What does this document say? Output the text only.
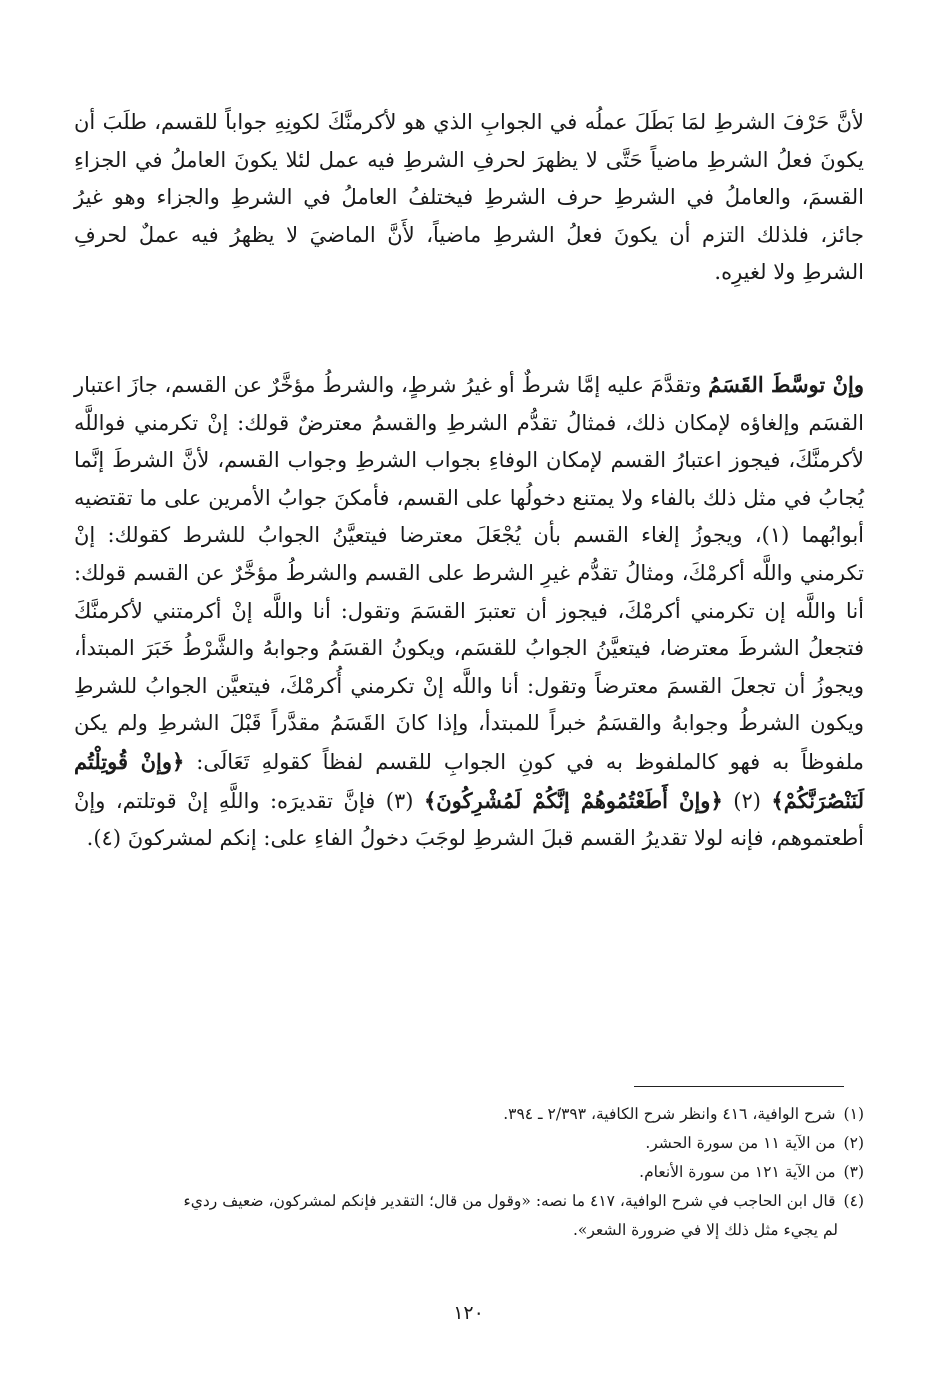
لأنَّ حَرْفَ الشرطِ لمَا بَطَلَ عملُه في الجوابِ الذي هو لأكرمنَّكَ لكونِهِ جواباً للقسم، طلَبَ أن يكونَ فعلُ الشرطِ ماضياً حَتَّى لا يظهرَ لحرفِ الشرطِ فيه عمل لئلا يكونَ العاملُ في الجزاءِ القسمَ، والعاملُ في الشرطِ حرف الشرطِ فيختلفُ العاملُ في الشرطِ والجزاء وهو غيرُ جائز، فلذلك التزم أن يكونَ فعلُ الشرطِ ماضياً، لأَنَّ الماضيَ لا يظهرُ فيه عملٌ لحرفِ الشرطِ ولا لغيرِه.

وإنْ توسَّطَ القَسَمُ وتقدَّمَ عليه إمَّا شرطٌ أو غيرُ شرطٍ، والشرطُ مؤخَّرٌ عن القسم، جازَ اعتبار القسَم وإلغاؤه لإمكان ذلك، فمثالُ تقدُّم الشرطِ والقسمُ معترضٌ قولك: إنْ تكرمني فواللَّه لأكرمنَّكَ، فيجوز اعتبارُ القسم لإمكان الوفاءِ بجواب الشرطِ وجواب القسم، لأنَّ الشرطَ إنَّما يُجابُ في مثل ذلك بالفاء ولا يمتنع دخولُها على القسم، فأمكنَ جوابُ الأمرين على ما تقتضيه أبوابُهما (١)، ويجوزُ إلغاء القسم بأن يُجْعَلَ معترضا فيتعيَّنُ الجوابُ للشرط كقولك: إنْ تكرمني واللَّه أكرمْكَ، ومثالُ تقدُّم غيرِ الشرط على القسم والشرطُ مؤخَّرٌ عن القسم قولك: أنا واللَّه إن تكرمني أكرمْكَ، فيجوز أن تعتبرَ القسَمَ وتقول: أنا واللَّه إنْ أكرمتني لأكرمنَّكَ فتجعلُ الشرطَ معترضا، فيتعيَّنُ الجوابُ للقسَم، ويكونُ القسَمُ وجوابهُ والشَّرْطُ خَبَرَ المبتدأ، ويجوزُ أن تجعلَ القسمَ معترضاً وتقول: أنا واللَّه إنْ تكرمني أُكرمْكَ، فيتعيَّن الجوابُ للشرطِ ويكون الشرطُ وجوابهُ والقسَمُ خبراً للمبتدأ، وإذا كانَ القَسَمُ مقدَّراً قَبْلَ الشرطِ ولم يكن ملفوظاً به فهو كالملفوظ به في كونِ الجوابِ للقسم لفظاً كقولهِ تَعَالَى: ﴿وإنْ قُوتِلْتُم لَنَنْصُرَنَّكُمْ﴾ (٢) ﴿وإنْ أَطَعْتُمُوهُمْ إنَّكُمْ لَمُشْرِكُونَ﴾ (٣) فإنَّ تقديرَه: واللَّهِ إنْ قوتلتم، وإنْ أطعتموهم، فإنه لولا تقديرُ القسم قبلَ الشرطِ لوجَبَ دخولُ الفاءِ على: إنكم لمشركونَ (٤).

(١)شرح الوافية، ٤١٦ وانظر شرح الكافية، ٢/٣٩٣ ـ ٣٩٤.

(٢)من الآية ١١ من سورة الحشر.

(٣)من الآية ١٢١ من سورة الأنعام.

(٤)قال ابن الحاجب في شرح الوافية، ٤١٧ ما نصه: «وقول من قال؛ التقدير فإنكم لمشركون، ضعيف رديء

لم يجيء مثل ذلك إلا في ضرورة الشعر».

١٢٠
